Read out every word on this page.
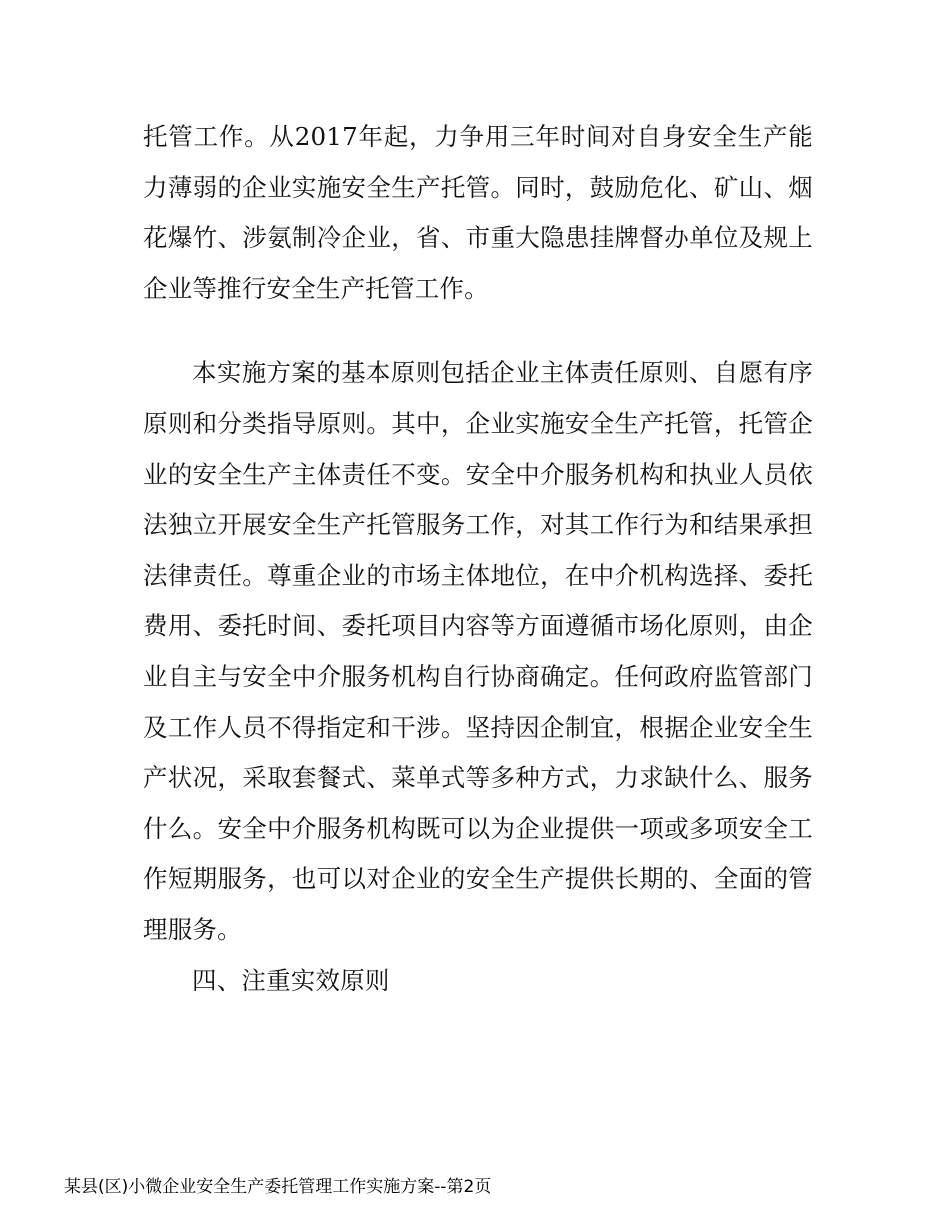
托管工作。从2017年起，力争用三年时间对自身安全生产能力薄弱的企业实施安全生产托管。同时，鼓励危化、矿山、烟花爆竹、涉氨制冷企业，省、市重大隐患挂牌督办单位及规上企业等推行安全生产托管工作。

本实施方案的基本原则包括企业主体责任原则、自愿有序原则和分类指导原则。其中，企业实施安全生产托管，托管企业的安全生产主体责任不变。安全中介服务机构和执业人员依法独立开展安全生产托管服务工作，对其工作行为和结果承担法律责任。尊重企业的市场主体地位，在中介机构选择、委托费用、委托时间、委托项目内容等方面遵循市场化原则，由企业自主与安全中介服务机构自行协商确定。任何政府监管部门及工作人员不得指定和干涉。坚持因企制宜，根据企业安全生产状况，采取套餐式、菜单式等多种方式，力求缺什么、服务什么。安全中介服务机构既可以为企业提供一项或多项安全工作短期服务，也可以对企业的安全生产提供长期的、全面的管理服务。

四、注重实效原则

某县(区)小微企业安全生产委托管理工作实施方案--第2页
